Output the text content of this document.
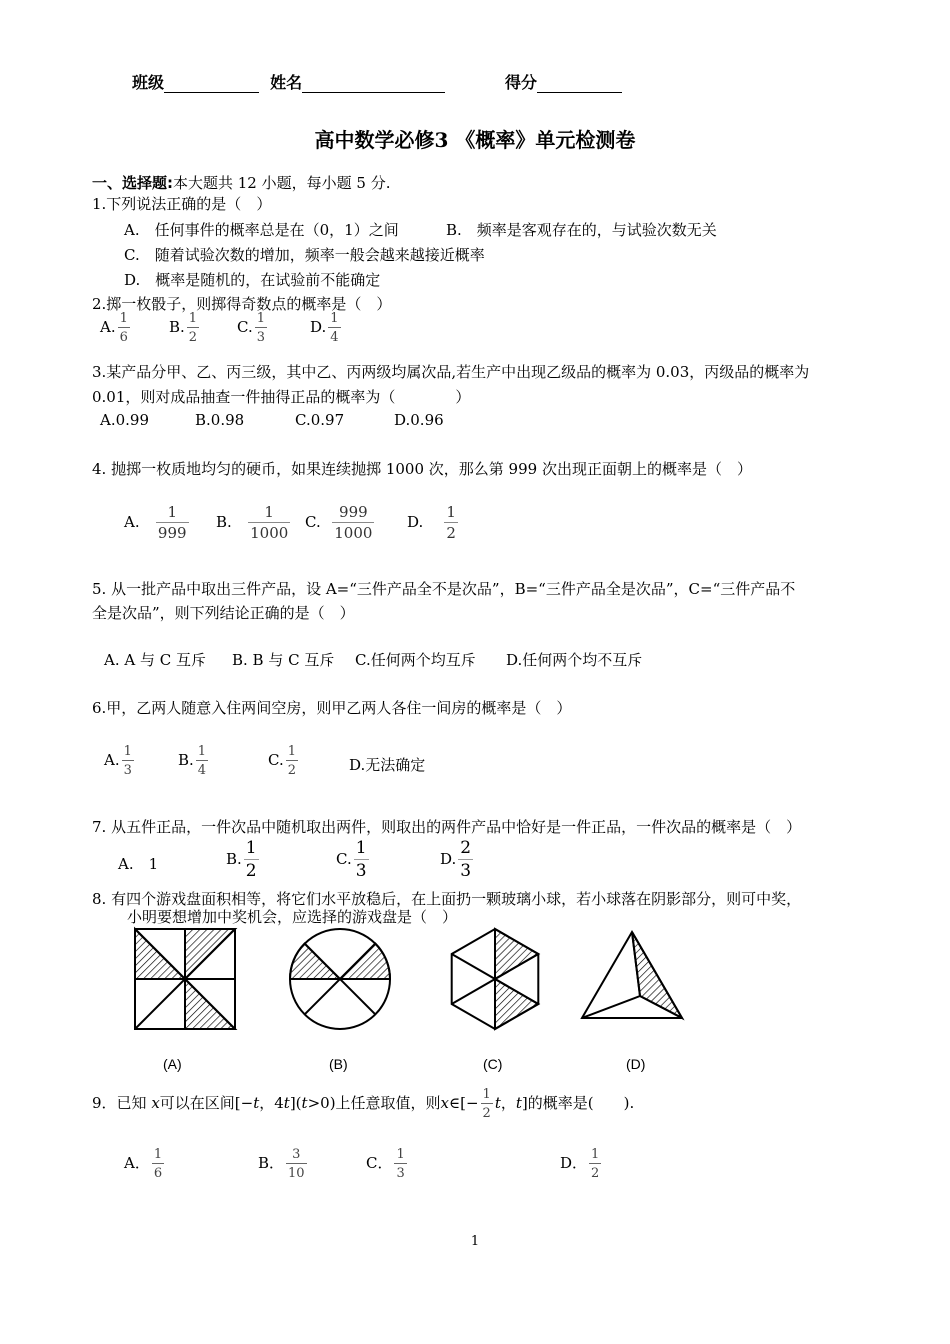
班级	姓名	得分
高中数学必修3 《概率》单元检测卷
一、选择题:本大题共 12 小题，每小题 5 分.
1.下列说法正确的是（　）
A.　任何事件的概率总是在（0，1）之间	B.　频率是客观存在的，与试验次数无关
C.　随着试验次数的增加，频率一般会越来越接近概率
D.　概率是随机的，在试验前不能确定
2.掷一枚骰子，则掷得奇数点的概率是（　）
A. $\frac{1}{6}$	B. $\frac{1}{2}$	C. $\frac{1}{3}$	D. $\frac{1}{4}$
3.某产品分甲、乙、丙三级，其中乙、丙两级均属次品,若生产中出现乙级品的概率为 0.03，丙级品的概率为
0.01，则对成品抽查一件抽得正品的概率为（　　　　）
A.0.99	B.0.98	C.0.97	D.0.96
4. 抛掷一枚质地均匀的硬币，如果连续抛掷 1000 次，那么第 999 次出现正面朝上的概率是（　）
A. $\frac{1}{999} B$. $\frac{1}{1000} C$. $\frac{999}{1000} D$. $\frac{1}{2}$
5. 从一批产品中取出三件产品，设 A=“三件产品全不是次品”，B=“三件产品全是次品”，C=“三件产品不
全是次品”，则下列结论正确的是（　）
A. A 与 C 互斥 B. B 与 C 互斥 C.任何两个均互斥 D.任何两个均不互斥
6.甲，乙两人随意入住两间空房，则甲乙两人各住一间房的概率是（　）
A. $\frac{1}{3}$	B. $\frac{1}{4}$	C. $\frac{1}{2}$	D.无法确定
7. 从五件正品，一件次品中随机取出两件，则取出的两件产品中恰好是一件正品，一件次品的概率是（　）
A.　1	B. $\frac{1}{2}$	C. $\frac{1}{3}$	D. $\frac{2}{3}$
8. 有四个游戏盘面积相等，将它们水平放稳后，在上面扔一颗玻璃小球，若小球落在阴影部分，则可中奖，
小明要想增加中奖机会，应选择的游戏盘是（　）
(A)	(B)	(C)	(D)
9．已知 x可以在区间[−t，4t](t>0)上任意取值，则x∈[− $\frac{1}{2}$ t，t]的概率是(　　).
A． $\frac{1}{6}$	B． $\frac{3}{10}$	C． $\frac{1}{3}$	D． $\frac{1}{2}$
1
